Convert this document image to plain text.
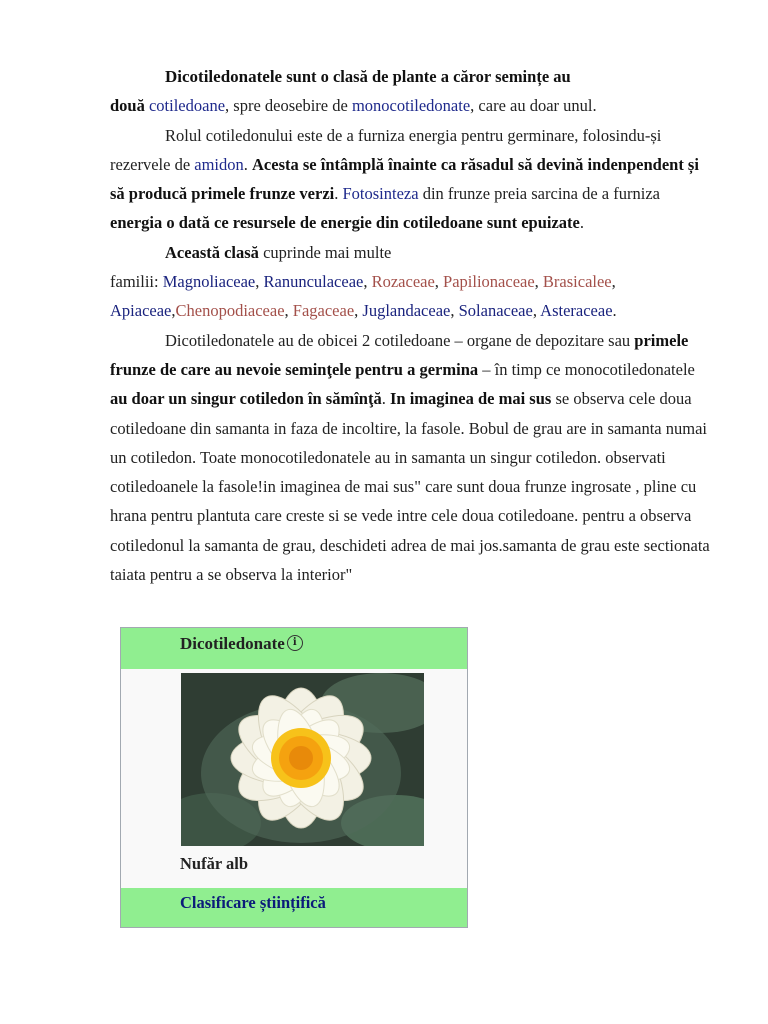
Dicotiledonatele sunt o clasă de plante a căror semințe au

două cotiledoane, spre deosebire de monocotiledonate, care au doar unul.

Rolul cotiledonului este de a furniza energia pentru germinare, folosindu-și rezervele de amidon. Acesta se întâmplă înainte ca răsadul să devină indenpendent și să producă primele frunze verzi. Fotosinteza din frunze preia sarcina de a furniza energia o dată ce resursele de energie din cotiledoane sunt epuizate.

Această clasă cuprinde mai multe

familii: Magnoliaceae, Ranunculaceae, Rozaceae, Papilionaceae, Brasicalee, Apiaceae,Chenopodiaceae, Fagaceae, Juglandaceae, Solanaceae, Asteraceae.

Dicotiledonatele au de obicei 2 cotiledoane – organe de depozitare sau primele frunze de care au nevoie seminţele pentru a germina – în timp ce monocotiledonatele au doar un singur cotiledon în sămînţă. In imaginea de mai sus se observa cele doua cotiledoane din samanta in faza de incoltire, la fasole. Bobul de grau are in samanta numai un cotiledon. Toate monocotiledonatele au in samanta un singur cotiledon. observati cotiledoanele la fasole!in imaginea de mai sus" care sunt doua frunze ingrosate , pline cu hrana pentru plantuta care creste si se vede intre cele doua cotiledoane. pentru a observa cotiledonul la samanta de grau, deschideti adrea de mai jos.samanta de grau este sectionata taiata pentru a se observa la interior"

Dicotiledonate i
Nufăr alb
Clasificare științifică
